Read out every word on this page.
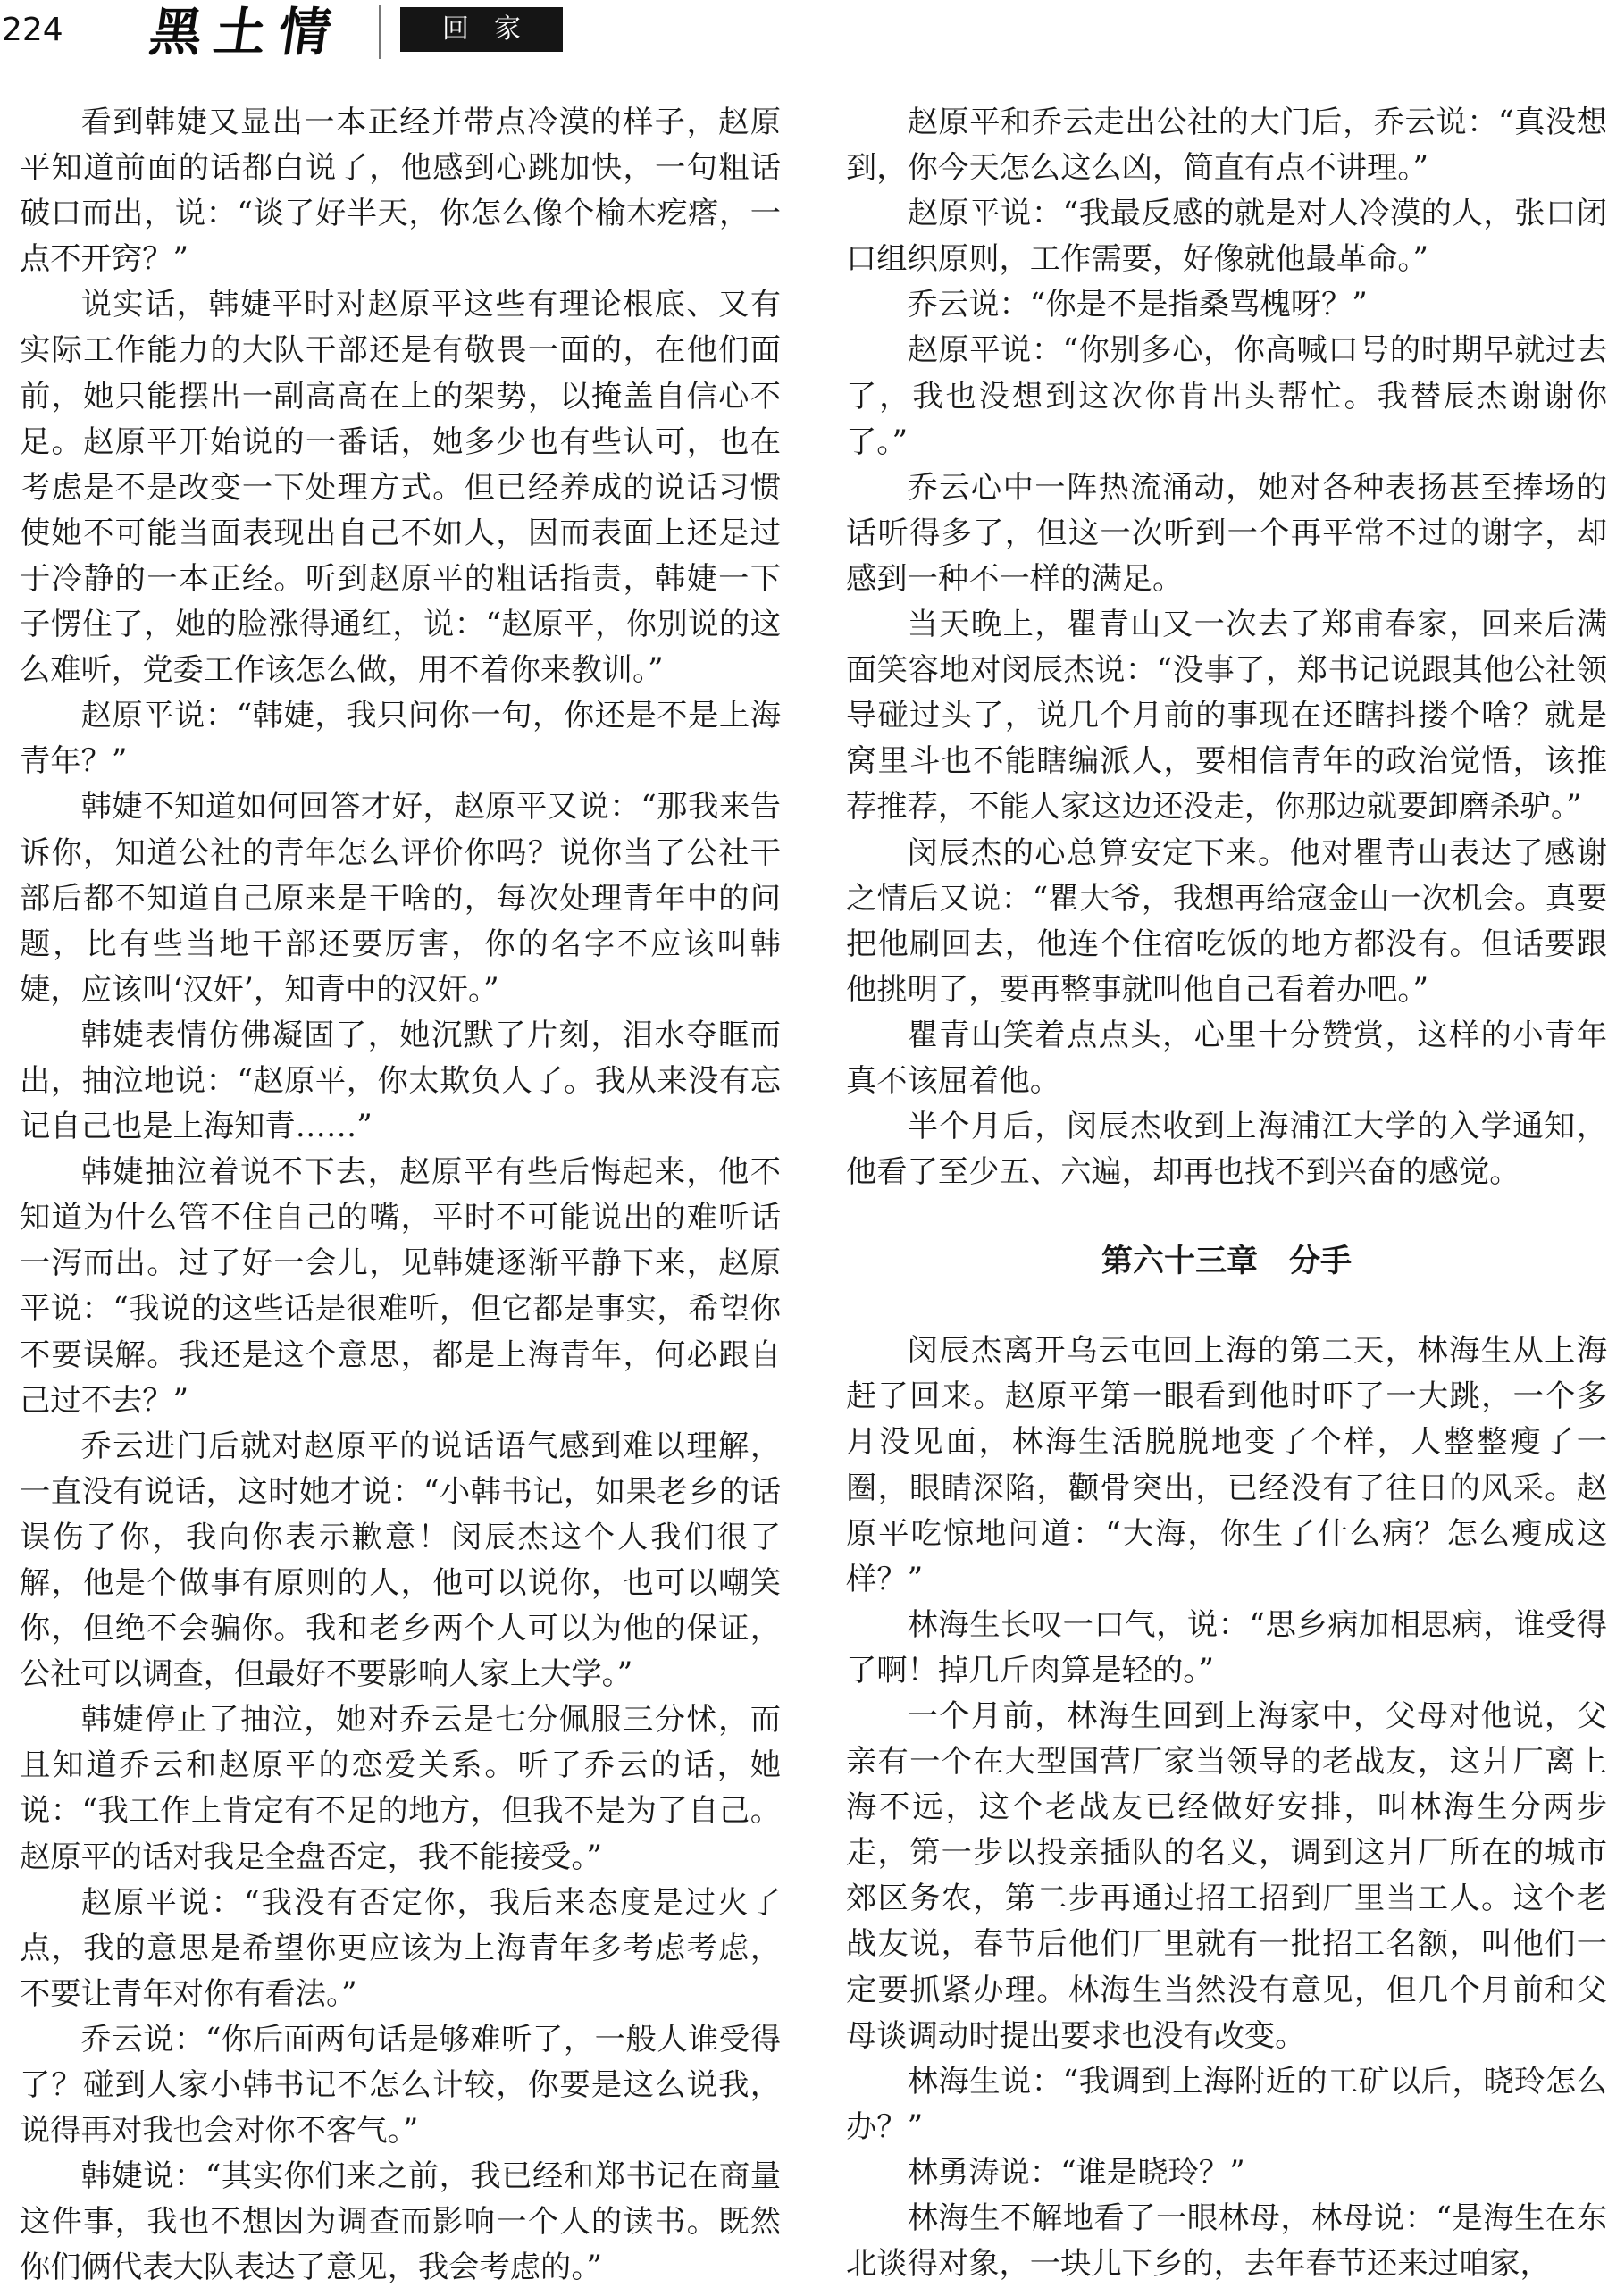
224 黑土情	回家

看到韩婕又显出一本正经并带点冷漠的样子，赵原平知道前面的话都白说了，他感到心跳加快，一句粗话破口而出，说：“谈了好半天，你怎么像个榆木疙瘩，一点不开窍？”

说实话，韩婕平时对赵原平这些有理论根底、又有实际工作能力的大队干部还是有敬畏一面的，在他们面前，她只能摆出一副高高在上的架势，以掩盖自信心不足。赵原平开始说的一番话，她多少也有些认可，也在考虑是不是改变一下处理方式。但已经养成的说话习惯使她不可能当面表现出自己不如人，因而表面上还是过于冷静的一本正经。听到赵原平的粗话指责，韩婕一下子愣住了，她的脸涨得通红，说：“赵原平，你别说的这么难听，党委工作该怎么做，用不着你来教训。”

赵原平说：“韩婕，我只问你一句，你还是不是上海青年？”

韩婕不知道如何回答才好，赵原平又说：“那我来告诉你，知道公社的青年怎么评价你吗？说你当了公社干部后都不知道自己原来是干啥的，每次处理青年中的问题，比有些当地干部还要厉害，你的名字不应该叫韩婕，应该叫‘汉奸’，知青中的汉奸。”

韩婕表情仿佛凝固了，她沉默了片刻，泪水夺眶而出，抽泣地说：“赵原平，你太欺负人了。我从来没有忘记自己也是上海知青……”

韩婕抽泣着说不下去，赵原平有些后悔起来，他不知道为什么管不住自己的嘴，平时不可能说出的难听话一泻而出。过了好一会儿，见韩婕逐渐平静下来，赵原平说：“我说的这些话是很难听，但它都是事实，希望你不要误解。我还是这个意思，都是上海青年，何必跟自己过不去？”

乔云进门后就对赵原平的说话语气感到难以理解，一直没有说话，这时她才说：“小韩书记，如果老乡的话误伤了你，我向你表示歉意！闵辰杰这个人我们很了解，他是个做事有原则的人，他可以说你，也可以嘲笑你，但绝不会骗你。我和老乡两个人可以为他的保证，公社可以调查，但最好不要影响人家上大学。”

韩婕停止了抽泣，她对乔云是七分佩服三分怵，而且知道乔云和赵原平的恋爱关系。听了乔云的话，她说：“我工作上肯定有不足的地方，但我不是为了自己。赵原平的话对我是全盘否定，我不能接受。”

赵原平说：“我没有否定你，我后来态度是过火了点，我的意思是希望你更应该为上海青年多考虑考虑，不要让青年对你有看法。”

乔云说：“你后面两句话是够难听了，一般人谁受得了？碰到人家小韩书记不怎么计较，你要是这么说我，说得再对我也会对你不客气。”

韩婕说：“其实你们来之前，我已经和郑书记在商量这件事，我也不想因为调查而影响一个人的读书。既然你们俩代表大队表达了意见，我会考虑的。”

赵原平和乔云走出公社的大门后，乔云说：“真没想到，你今天怎么这么凶，简直有点不讲理。”

赵原平说：“我最反感的就是对人冷漠的人，张口闭口组织原则，工作需要，好像就他最革命。”

乔云说：“你是不是指桑骂槐呀？”

赵原平说：“你别多心，你高喊口号的时期早就过去了，我也没想到这次你肯出头帮忙。我替辰杰谢谢你了。”

乔云心中一阵热流涌动，她对各种表扬甚至捧场的话听得多了，但这一次听到一个再平常不过的谢字，却感到一种不一样的满足。

当天晚上，瞿青山又一次去了郑甫春家，回来后满面笑容地对闵辰杰说：“没事了，郑书记说跟其他公社领导碰过头了，说几个月前的事现在还瞎抖搂个啥？就是窝里斗也不能瞎编派人，要相信青年的政治觉悟，该推荐推荐，不能人家这边还没走，你那边就要卸磨杀驴。”

闵辰杰的心总算安定下来。他对瞿青山表达了感谢之情后又说：“瞿大爷，我想再给寇金山一次机会。真要把他刷回去，他连个住宿吃饭的地方都没有。但话要跟他挑明了，要再整事就叫他自己看着办吧。”

瞿青山笑着点点头，心里十分赞赏，这样的小青年真不该屈着他。

半个月后，闵辰杰收到上海浦江大学的入学通知，他看了至少五、六遍，却再也找不到兴奋的感觉。

第六十三章　分手

闵辰杰离开乌云屯回上海的第二天，林海生从上海赶了回来。赵原平第一眼看到他时吓了一大跳，一个多月没见面，林海生活脱脱地变了个样，人整整瘦了一圈，眼睛深陷，颧骨突出，已经没有了往日的风采。赵原平吃惊地问道：“大海，你生了什么病？怎么瘦成这样？”

林海生长叹一口气，说：“思乡病加相思病，谁受得了啊！掉几斤肉算是轻的。”

一个月前，林海生回到上海家中，父母对他说，父亲有一个在大型国营厂家当领导的老战友，这爿厂离上海不远，这个老战友已经做好安排，叫林海生分两步走，第一步以投亲插队的名义，调到这爿厂所在的城市郊区务农，第二步再通过招工招到厂里当工人。这个老战友说，春节后他们厂里就有一批招工名额，叫他们一定要抓紧办理。林海生当然没有意见，但几个月前和父母谈调动时提出要求也没有改变。

林海生说：“我调到上海附近的工矿以后，晓玲怎么办？”

林勇涛说：“谁是晓玲？”

林海生不解地看了一眼林母，林母说：“是海生在东北谈得对象，一块儿下乡的，去年春节还来过咱家，
